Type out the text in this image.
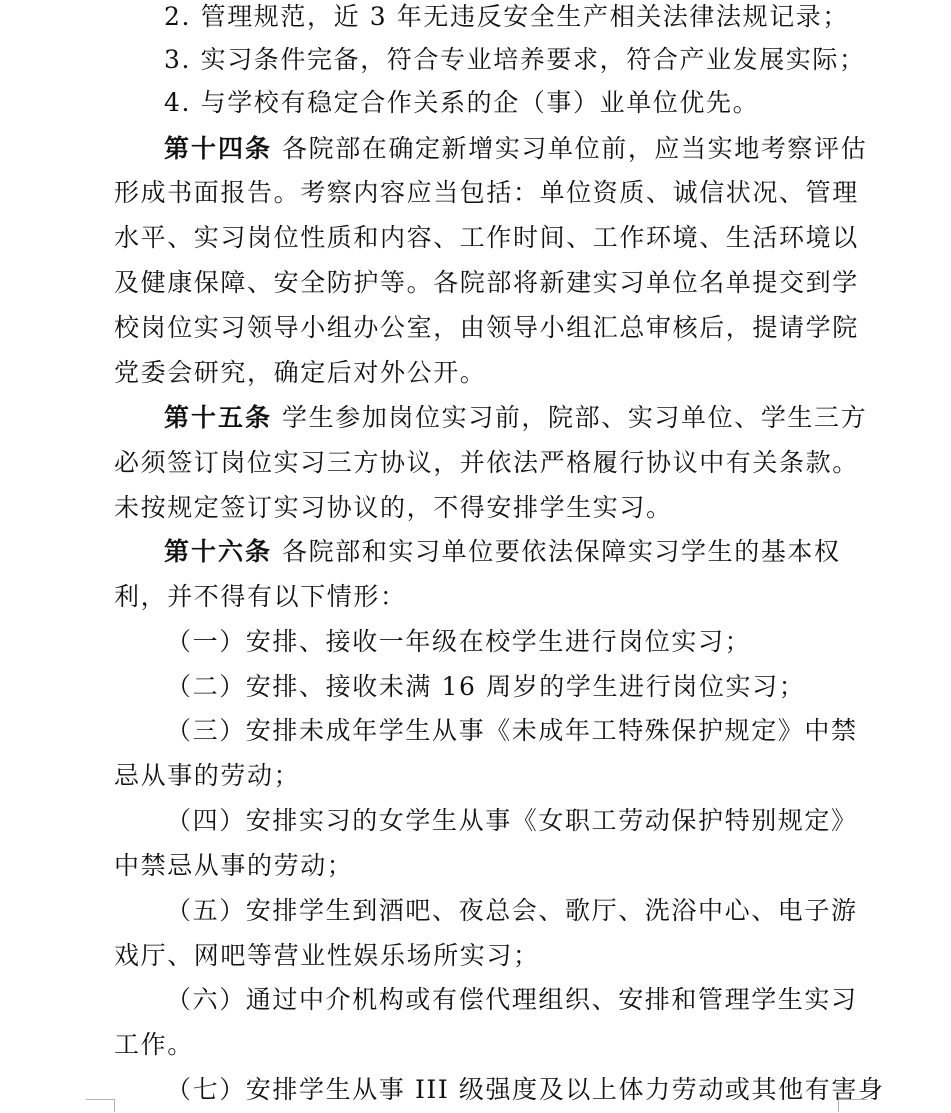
2. 管理规范，近 3 年无违反安全生产相关法律法规记录；
3. 实习条件完备，符合专业培养要求，符合产业发展实际；
4. 与学校有稳定合作关系的企（事）业单位优先。
第十四条 各院部在确定新增实习单位前，应当实地考察评估
形成书面报告。考察内容应当包括：单位资质、诚信状况、管理
水平、实习岗位性质和内容、工作时间、工作环境、生活环境以
及健康保障、安全防护等。各院部将新建实习单位名单提交到学
校岗位实习领导小组办公室，由领导小组汇总审核后，提请学院
党委会研究，确定后对外公开。
第十五条 学生参加岗位实习前，院部、实习单位、学生三方
必须签订岗位实习三方协议，并依法严格履行协议中有关条款。
未按规定签订实习协议的，不得安排学生实习。
第十六条 各院部和实习单位要依法保障实习学生的基本权
利，并不得有以下情形：
（一）安排、接收一年级在校学生进行岗位实习；
（二）安排、接收未满 16 周岁的学生进行岗位实习；
（三）安排未成年学生从事《未成年工特殊保护规定》中禁
忌从事的劳动；
（四）安排实习的女学生从事《女职工劳动保护特别规定》
中禁忌从事的劳动；
（五）安排学生到酒吧、夜总会、歌厅、洗浴中心、电子游
戏厅、网吧等营业性娱乐场所实习；
（六）通过中介机构或有偿代理组织、安排和管理学生实习
工作。
（七）安排学生从事 III 级强度及以上体力劳动或其他有害身
